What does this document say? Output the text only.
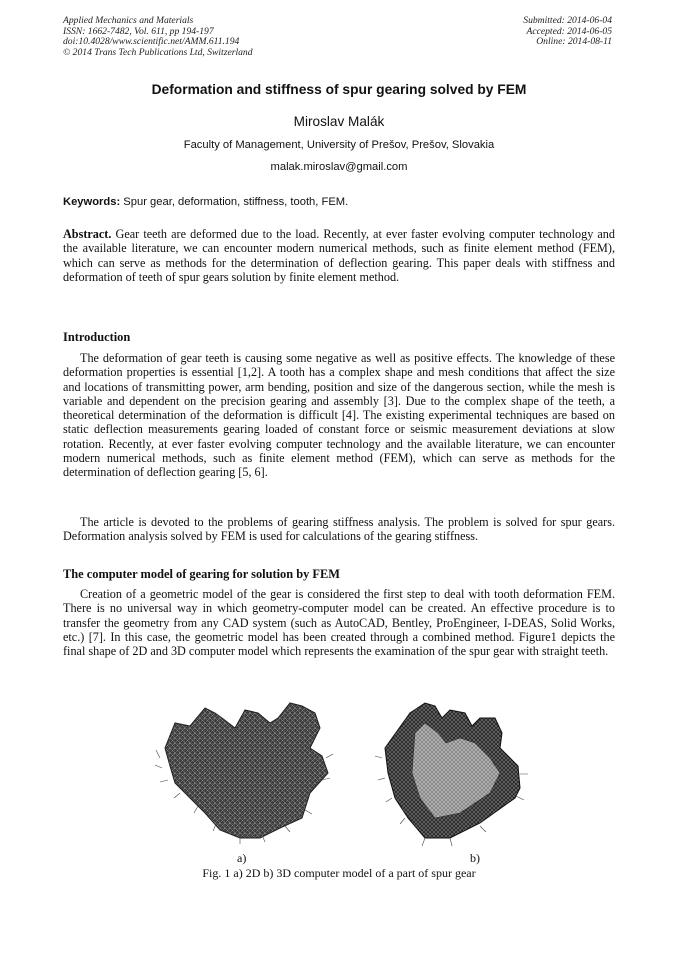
Applied Mechanics and Materials
ISSN: 1662-7482, Vol. 611, pp 194-197
doi:10.4028/www.scientific.net/AMM.611.194
© 2014 Trans Tech Publications Ltd, Switzerland
Submitted: 2014-06-04
Accepted: 2014-06-05
Online: 2014-08-11
Deformation and stiffness of spur gearing solved by FEM
Miroslav Malák
Faculty of Management, University of Prešov, Prešov, Slovakia
malak.miroslav@gmail.com
Keywords: Spur gear, deformation, stiffness, tooth, FEM.

Abstract. Gear teeth are deformed due to the load. Recently, at ever faster evolving computer technology and the available literature, we can encounter modern numerical methods, such as finite element method (FEM), which can serve as methods for the determination of deflection gearing. This paper deals with stiffness and deformation of teeth of spur gears solution by finite element method.

Introduction

The deformation of gear teeth is causing some negative as well as positive effects. The knowledge of these deformation properties is essential [1,2]. A tooth has a complex shape and mesh conditions that affect the size and locations of transmitting power, arm bending, position and size of the dangerous section, while the mesh is variable and dependent on the precision gearing and assembly [3]. Due to the complex shape of the teeth, a theoretical determination of the deformation is difficult [4]. The existing experimental techniques are based on static deflection measurements gearing loaded of constant force or seismic measurement deviations at slow rotation. Recently, at ever faster evolving computer technology and the available literature, we can encounter modern numerical methods, such as finite element method (FEM), which can serve as methods for the determination of deflection gearing [5, 6].

The article is devoted to the problems of gearing stiffness analysis. The problem is solved for spur gears. Deformation analysis solved by FEM is used for calculations of the gearing stiffness.

The computer model of gearing for solution by FEM

Creation of a geometric model of the gear is considered the first step to deal with tooth deformation FEM. There is no universal way in which geometry-computer model can be created. An effective procedure is to transfer the geometry from any CAD system (such as AutoCAD, Bentley, ProEngineer, I-DEAS, Solid Works, etc.) [7]. In this case, the geometric model has been created through a combined method. Figure1 depicts the final shape of 2D and 3D computer model which represents the examination of the spur gear with straight teeth.

a)	b)
Fig. 1 a) 2D b) 3D computer model of a part of spur gear
